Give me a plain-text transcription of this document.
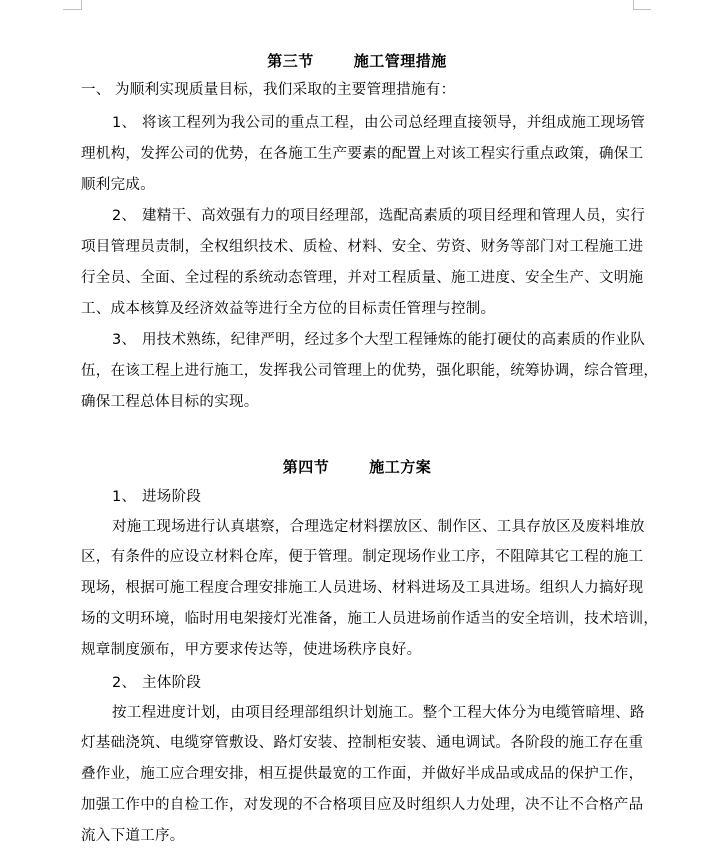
第三节	施工管理措施
一、 为顺利实现质量目标，我们采取的主要管理措施有：
1、 将该工程列为我公司的重点工程，由公司总经理直接领导，并组成施工现场管
理机构，发挥公司的优势，在各施工生产要素的配置上对该工程实行重点政策，确保工
顺利完成。
2、 建精干、高效强有力的项目经理部，选配高素质的项目经理和管理人员，实行
项目管理员责制，全权组织技术、质检、材料、安全、劳资、财务等部门对工程施工进
行全员、全面、全过程的系统动态管理，并对工程质量、施工进度、安全生产、文明施
工、成本核算及经济效益等进行全方位的目标责任管理与控制。
3、 用技术熟练，纪律严明，经过多个大型工程锤炼的能打硬仗的高素质的作业队
伍，在该工程上进行施工，发挥我公司管理上的优势，强化职能，统筹协调，综合管理，
确保工程总体目标的实现。
第四节	施工方案
1、 进场阶段
对施工现场进行认真堪察，合理选定材料摆放区、制作区、工具存放区及废料堆放
区，有条件的应设立材料仓库，便于管理。制定现场作业工序，不阻障其它工程的施工
现场，根据可施工程度合理安排施工人员进场、材料进场及工具进场。组织人力搞好现
场的文明环境，临时用电架接灯光准备，施工人员进场前作适当的安全培训，技术培训，
规章制度颁布，甲方要求传达等，使进场秩序良好。
2、 主体阶段
按工程进度计划，由项目经理部组织计划施工。整个工程大体分为电缆管暗埋、路
灯基础浇筑、电缆穿管敷设、路灯安装、控制柜安装、通电调试。各阶段的施工存在重
叠作业，施工应合理安排，相互提供最宽的工作面，并做好半成品或成品的保护工作，
加强工作中的自检工作，对发现的不合格项目应及时组织人力处理，决不让不合格产品
流入下道工序。
